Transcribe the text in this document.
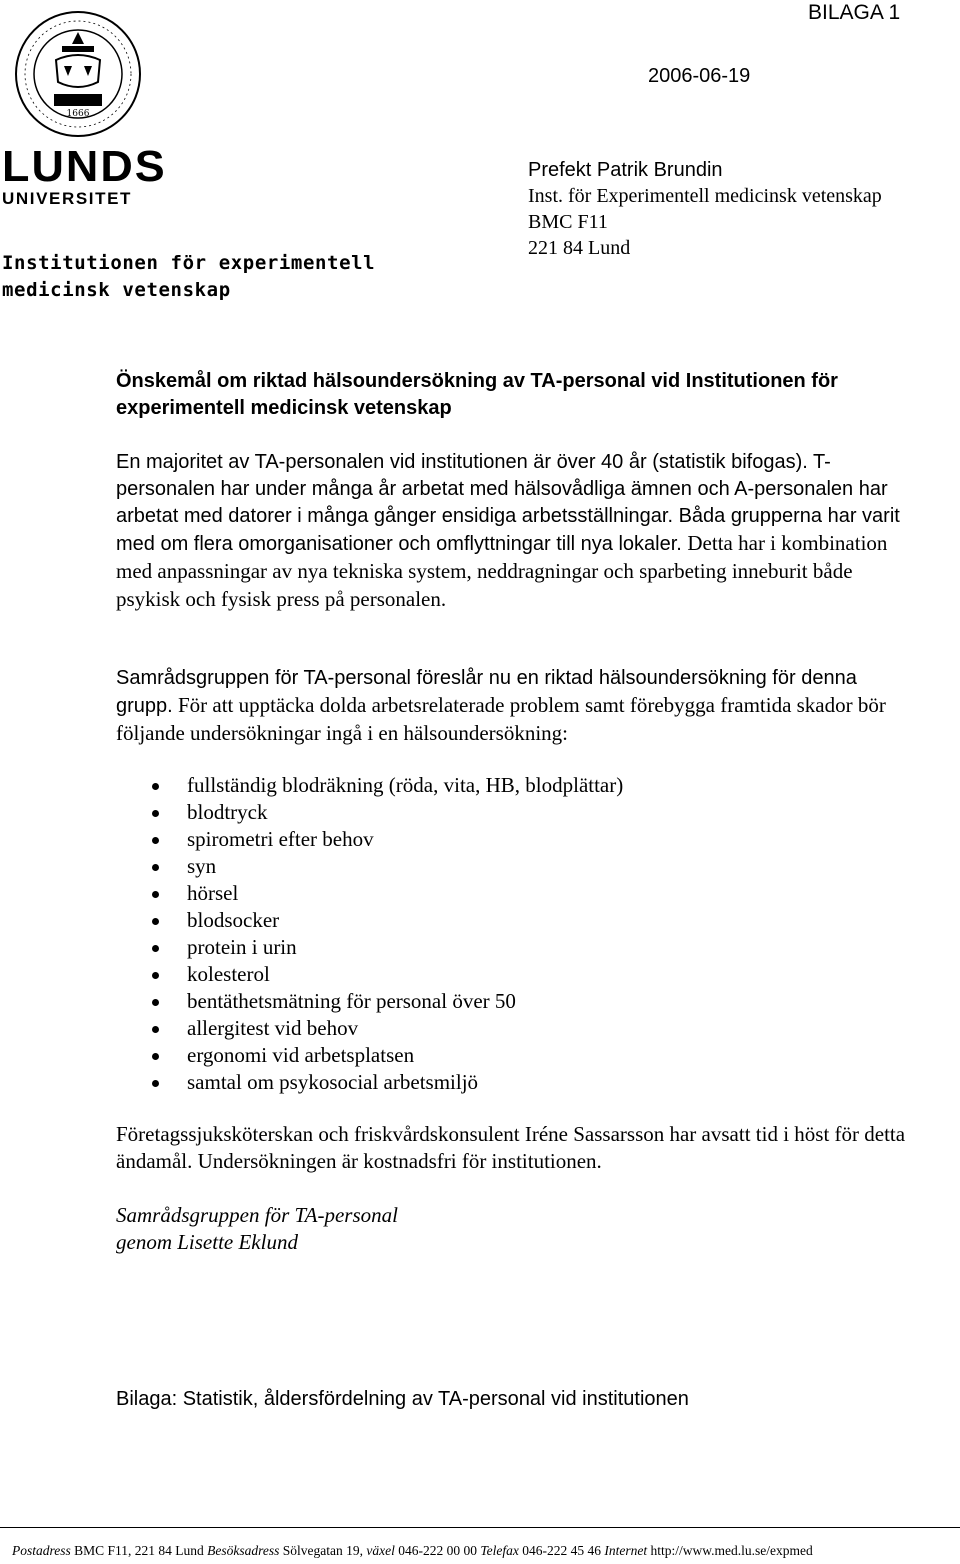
1666
LUNDS
UNIVERSITET
Institutionen för experimentell medicinsk vetenskap
BILAGA 1
2006-06-19
Prefekt Patrik Brundin
Inst. för Experimentell medicinsk vetenskap
BMC F11
221 84 Lund
Önskemål om riktad hälsoundersökning av TA-personal vid Institutionen för experimentell medicinsk vetenskap
En majoritet av TA-personalen vid institutionen är över 40 år (statistik bifogas). T-personalen har under många år arbetat med hälsovådliga ämnen och A-personalen har arbetat med datorer i många gånger ensidiga arbetsställningar. Båda grupperna har varit med om flera omorganisationer och omflyttningar till nya lokaler. Detta har i kombination med anpassningar av nya tekniska system, neddragningar och sparbeting inneburit både psykisk och fysisk press på personalen.
Samrådsgruppen för TA-personal föreslår nu en riktad hälsoundersökning för denna grupp. För att upptäcka dolda arbetsrelaterade problem samt förebygga framtida skador bör följande undersökningar ingå i en hälsoundersökning:
fullständig blodräkning (röda, vita, HB, blodplättar)
blodtryck
spirometri efter behov
syn
hörsel
blodsocker
protein i urin
kolesterol
bentäthetsmätning för personal över 50
allergitest vid behov
ergonomi vid arbetsplatsen
samtal om psykosocial arbetsmiljö
Företagssjuksköterskan och friskvårdskonsulent Iréne Sassarsson har avsatt tid i höst för detta ändamål. Undersökningen är kostnadsfri för institutionen.
Samrådsgruppen för TA-personal
genom Lisette Eklund
Bilaga: Statistik, åldersfördelning av TA-personal vid institutionen
Postadress BMC F11, 221 84 Lund Besöksadress Sölvegatan 19, växel 046-222 00 00 Telefax 046-222 45 46 Internet http://www.med.lu.se/expmed
